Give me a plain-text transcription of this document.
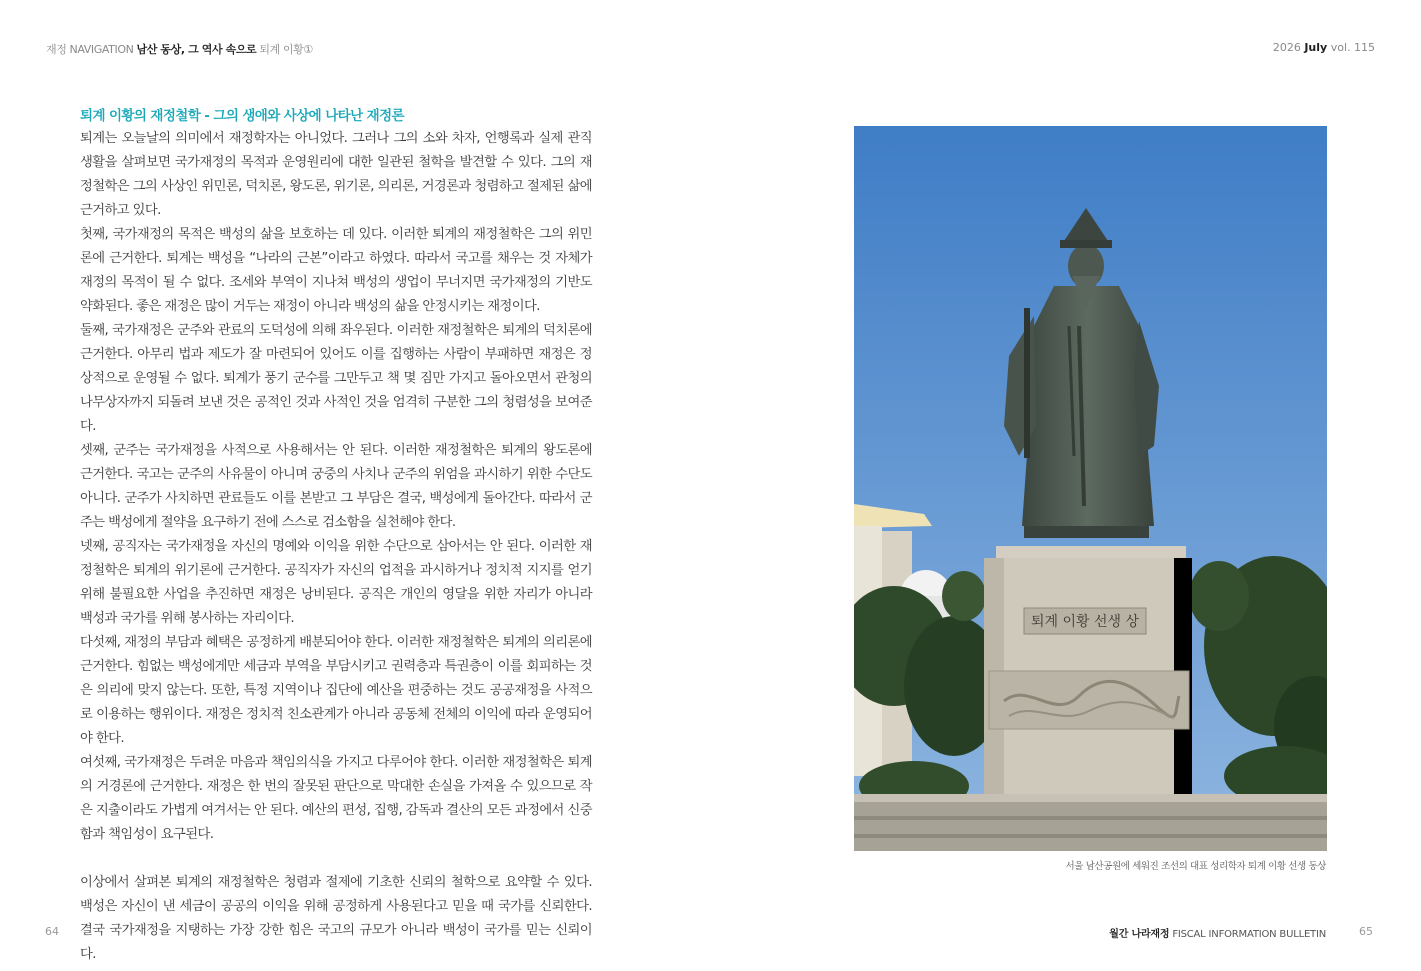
재정 NAVIGATION 남산 동상, 그 역사 속으로 퇴계 이황①	2026 July vol. 115

퇴계 이황의 재정철학 - 그의 생애와 사상에 나타난 재정론

퇴계는 오늘날의 의미에서 재정학자는 아니었다. 그러나 그의 소와 차자, 언행록과 실제 관직생활을 살펴보면 국가재정의 목적과 운영원리에 대한 일관된 철학을 발견할 수 있다. 그의 재정철학은 그의 사상인 위민론, 덕치론, 왕도론, 위기론, 의리론, 거경론과 청렴하고 절제된 삶에 근거하고 있다.

첫째, 국가재정의 목적은 백성의 삶을 보호하는 데 있다. 이러한 퇴계의 재정철학은 그의 위민론에 근거한다. 퇴계는 백성을 “나라의 근본”이라고 하였다. 따라서 국고를 채우는 것 자체가 재정의 목적이 될 수 없다. 조세와 부역이 지나쳐 백성의 생업이 무너지면 국가재정의 기반도 약화된다. 좋은 재정은 많이 거두는 재정이 아니라 백성의 삶을 안정시키는 재정이다.

둘째, 국가재정은 군주와 관료의 도덕성에 의해 좌우된다. 이러한 재정철학은 퇴계의 덕치론에 근거한다. 아무리 법과 제도가 잘 마련되어 있어도 이를 집행하는 사람이 부패하면 재정은 정상적으로 운영될 수 없다. 퇴계가 풍기 군수를 그만두고 책 몇 짐만 가지고 돌아오면서 관청의 나무상자까지 되돌려 보낸 것은 공적인 것과 사적인 것을 엄격히 구분한 그의 청렴성을 보여준다.

셋째, 군주는 국가재정을 사적으로 사용해서는 안 된다. 이러한 재정철학은 퇴계의 왕도론에 근거한다. 국고는 군주의 사유물이 아니며 궁중의 사치나 군주의 위엄을 과시하기 위한 수단도 아니다. 군주가 사치하면 관료들도 이를 본받고 그 부담은 결국, 백성에게 돌아간다. 따라서 군주는 백성에게 절약을 요구하기 전에 스스로 검소함을 실천해야 한다.

넷째, 공직자는 국가재정을 자신의 명예와 이익을 위한 수단으로 삼아서는 안 된다. 이러한 재정철학은 퇴계의 위기론에 근거한다. 공직자가 자신의 업적을 과시하거나 정치적 지지를 얻기 위해 불필요한 사업을 추진하면 재정은 낭비된다. 공직은 개인의 영달을 위한 자리가 아니라 백성과 국가를 위해 봉사하는 자리이다.

다섯째, 재정의 부담과 혜택은 공정하게 배분되어야 한다. 이러한 재정철학은 퇴계의 의리론에 근거한다. 힘없는 백성에게만 세금과 부역을 부담시키고 권력층과 특권층이 이를 회피하는 것은 의리에 맞지 않는다. 또한, 특정 지역이나 집단에 예산을 편중하는 것도 공공재정을 사적으로 이용하는 행위이다. 재정은 정치적 친소관계가 아니라 공동체 전체의 이익에 따라 운영되어야 한다.

여섯째, 국가재정은 두려운 마음과 책임의식을 가지고 다루어야 한다. 이러한 재정철학은 퇴계의 거경론에 근거한다. 재정은 한 번의 잘못된 판단으로 막대한 손실을 가져올 수 있으므로 작은 지출이라도 가볍게 여겨서는 안 된다. 예산의 편성, 집행, 감독과 결산의 모든 과정에서 신중함과 책임성이 요구된다.

이상에서 살펴본 퇴계의 재정철학은 청렴과 절제에 기초한 신뢰의 철학으로 요약할 수 있다. 백성은 자신이 낸 세금이 공공의 이익을 위해 공정하게 사용된다고 믿을 때 국가를 신뢰한다. 결국 국가재정을 지탱하는 가장 강한 힘은 국고의 규모가 아니라 백성이 국가를 믿는 신뢰이다.

퇴계 이황 선생 상
서울 남산공원에 세워진 조선의 대표 성리학자 퇴계 이황 선생 동상
64	월간 나라재정 FISCAL INFORMATION BULLETIN	65
